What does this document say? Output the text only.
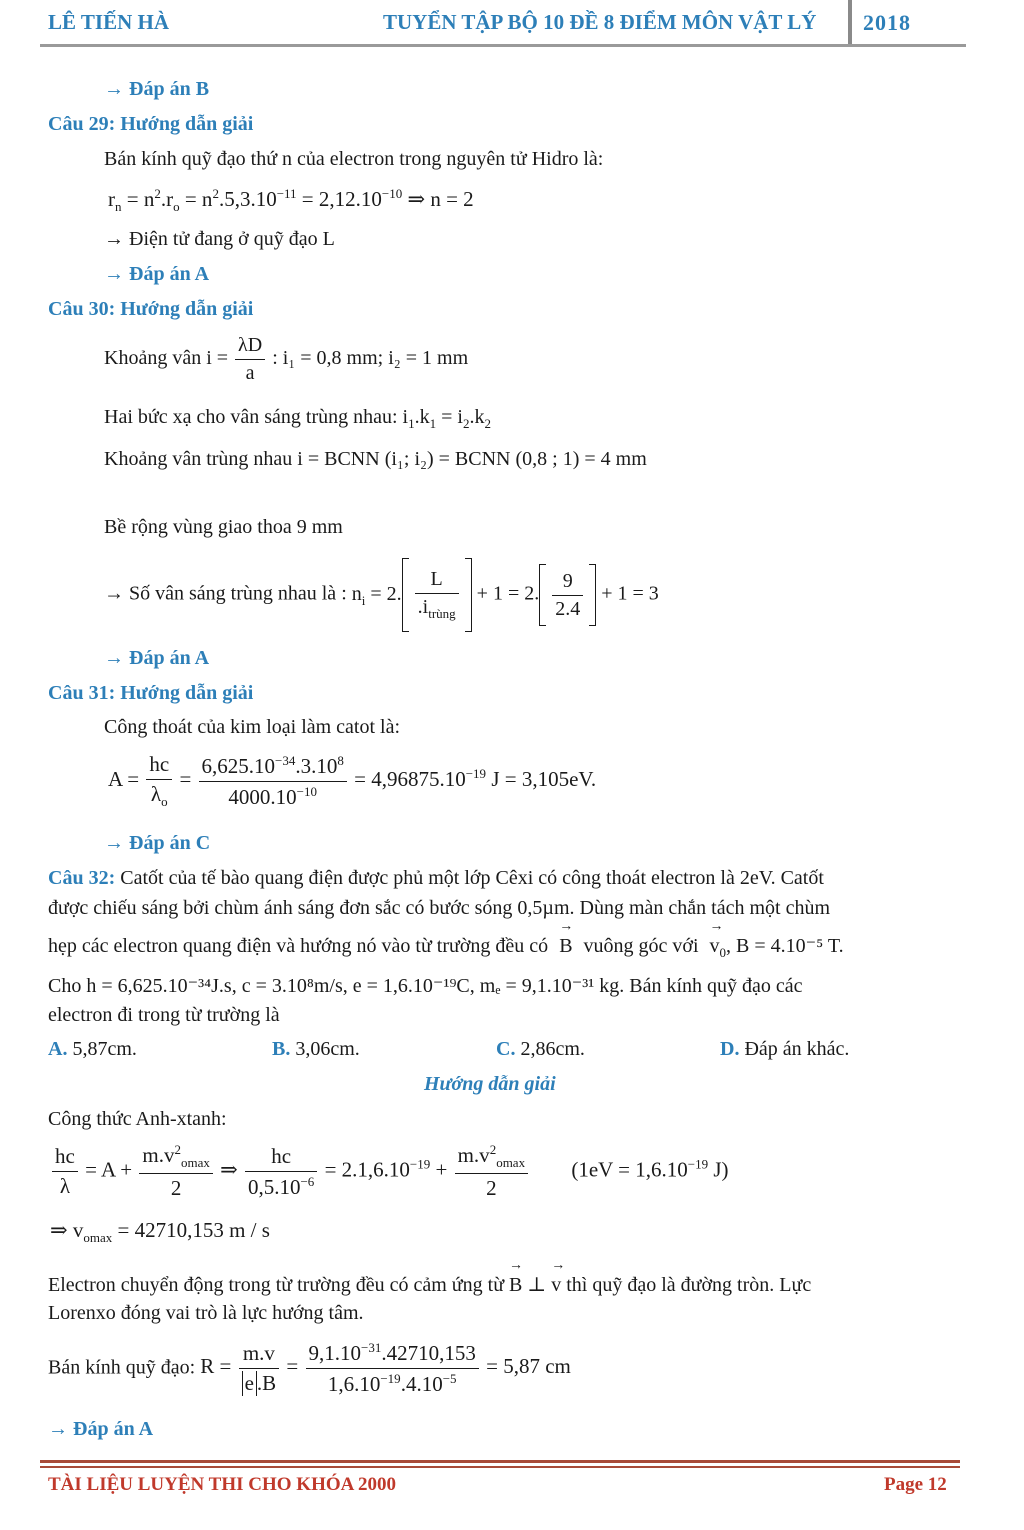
LÊ TIẾN HÀ	TUYỂN TẬP BỘ 10 ĐỀ 8 ĐIỂM MÔN VẬT LÝ 2018
→ Đáp án B
Câu 29: Hướng dẫn giải
Bán kính quỹ đạo thứ n của electron trong nguyên tử Hidro là:
$r_n = n^2.r_o = n^2.5,3.10^{-11} = 2,12.10^{-10}$ ⇒ n = 2
→ Điện tử đang ở quỹ đạo L
→ Đáp án A
Câu 30: Hướng dẫn giải
Khoảng vân $i = \frac{\lambda D}{a}$ : i₁ = 0,8 mm; i₂ = 1 mm
Hai bức xạ cho vân sáng trùng nhau: $i_1.k_1 = i_2.k_2$
Khoảng vân trùng nhau i = BCNN (i₁; i₂) = BCNN (0,8 ; 1) = 4 mm
Bề rộng vùng giao thoa 9 mm
→ Số vân sáng trùng nhau là : $n_i = 2$. $\frac{L}{.i_{trùng}} + 1 = 2$. $\frac{9}{2.4} + 1 = 3$
→ Đáp án A
Câu 31: Hướng dẫn giải
Công thoát của kim loại làm catot là:
$A = \frac{hc}{\lambda_o} = \frac{6,625.10^{-34}.3.10^8}{4000.10^{-10}} = 4,96875.10^{-19}$ J = 3,105eV.
→ Đáp án C
Câu 32: Catốt của tế bào quang điện được phủ một lớp Cêxi có công thoát electron là 2eV. Catốt
được chiếu sáng bởi chùm ánh sáng đơn sắc có bước sóng 0,5µm. Dùng màn chắn tách một chùm
hẹp các electron quang điện và hướng nó vào từ trường đều có → B vuông góc với → $v_0$, B = 4.10⁻⁵ T.
Cho h = 6,625.10⁻³⁴J.s, c = 3.10⁸m/s, e = 1,6.10⁻¹⁹C, mₑ = 9,1.10⁻³¹ kg. Bán kính quỹ đạo các
electron đi trong từ trường là
A. 5,87cm.	B. 3,06cm.	C. 2,86cm.	D. Đáp án khác.
Hướng dẫn giải
Công thức Anh-xtanh:
$\frac{hc}{\lambda} = A + \frac{m.v^2_{omax}}{2}$ ⇒ $\frac{hc}{0,5.10^{-6}} = 2.1,6.10^{-19} + \frac{m.v^2_{omax}}{2} (1eV = 1,6.10^{-19}$ J)
⇒ $v_{omax} = 42710,153$ m / s
Electron chuyển động trong từ trường đều có cảm ứng từ → B ⊥ → v thì quỹ đạo là đường tròn. Lực
Lorenxo đóng vai trò là lực hướng tâm.
Bán kính quỹ đạo: $R = \frac{m.v}{e .B} = \frac{9,1.10^{-31}.42710,153}{1,6.10^{-19}.4.10^{-5}} = 5,87$ cm
→ Đáp án A
TÀI LIỆU LUYỆN THI CHO KHÓA 2000	Page 12
